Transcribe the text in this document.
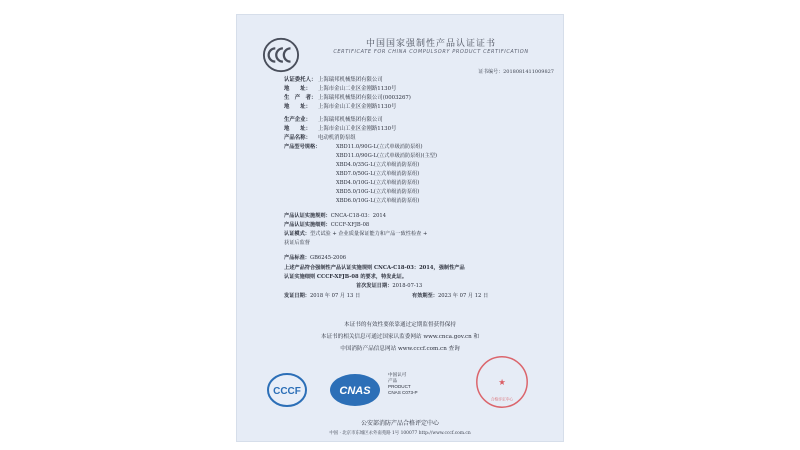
中国国家强制性产品认证证书
CERTIFICATE FOR CHINA COMPULSORY PRODUCT CERTIFICATION
证书编号：2018081411009827
认证委托人： 上海瑞邦机械集团有限公司
地　　址： 上海市金山二业区金刚路1130号
生　产　者： 上海瑞邦机械集团有限公司(0003267)
地　　址： 上海市金山工业区金刚路1130号
生产企业： 上海瑞邦机械集团有限公司
地　　址： 上海市金山工业区金刚路1130号
产品名称： 电动机消防泵组
产品型号规格：	XBD11.0/90G-L(立式单级消防泵组)
XBD11.0/90G-L(立式单级消防泵组)(主型)
XBD4.0/35G-L(立式单级消防泵组)
XBD7.0/50G-L(立式单级消防泵组)
XBD4.0/10G-L(立式单级消防泵组)
XBD5.0/10G-L(立式单级消防泵组)
XBD6.0/10G-L(立式单级消防泵组)
产品认证实施规则：CNCA-C18-03：2014
产品认证实施细则：CCCF-XFJB-08
认证模式：型式试验 + 企业质量保证能力和产品一致性检查 +
获证后监督
产品标准：GB6245-2006
上述产品符合强制性产品认证实施规则 CNCA-C18-03：2014，强制性产品
认证实施细则 CCCF-XFJB-08 的要求，特发此证。
首次发证日期：2018-07-13
发证日期：2018 年 07 月 13 日	有效期至：2023 年 07 月 12 日
本证书的有效性要依靠通过定期监督获得保持
本证书的相关信息可通过国家认监委网站 www.cnca.gov.cn 和
中国消防产品信息网站 www.cccf.com.cn 查询
CCCF	CNAS
中国认可
产品
PRODUCT
CNAS C073-P
★
合格评定中心
公安部消防产品合格评定中心
中国 · 北京市东城区永外南苑路 1号 100077 http://www.cccf.com.cn
